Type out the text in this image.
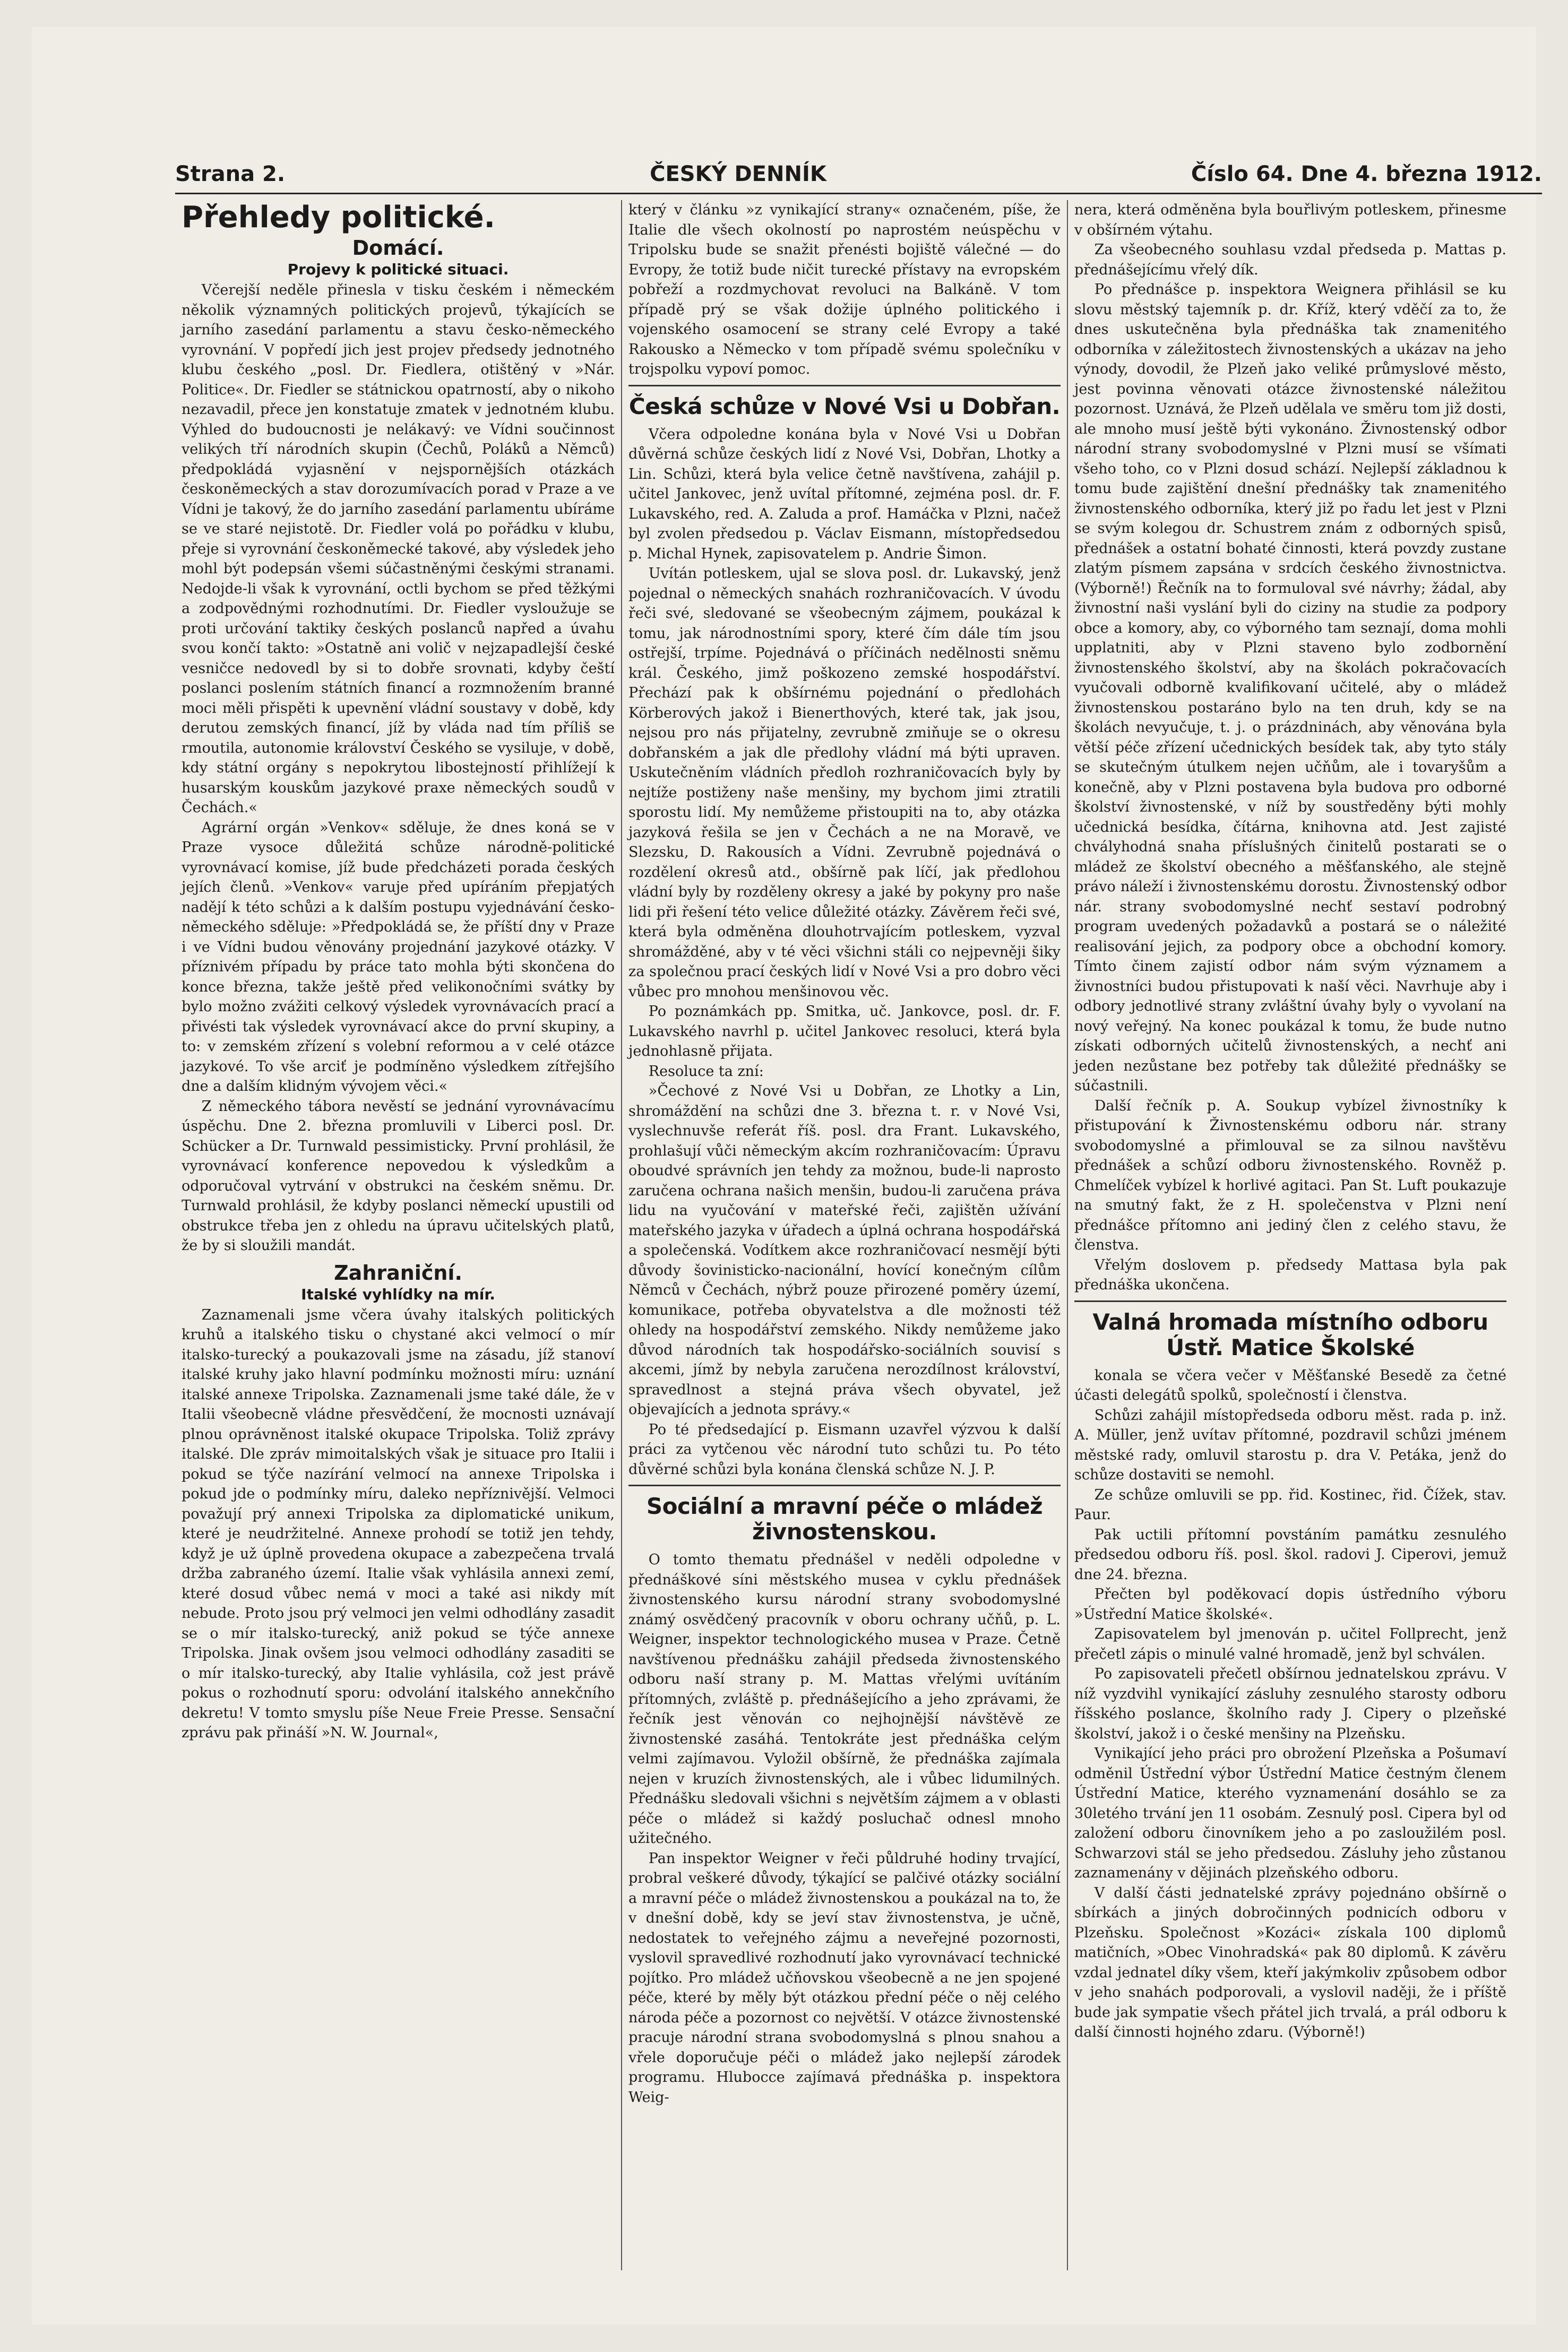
Strana 2.	ČESKÝ DENNÍK	Číslo 64. Dne 4. března 1912.
Přehledy politické.
Domácí.
Projevy k politické situaci.

Včerejší neděle přinesla v tisku českém i německém několik významných politických projevů, týkajících se jarního zasedání parlamentu a stavu česko-německého vyrovnání. V popředí jich jest projev předsedy jednotného klubu českého „posl. Dr. Fiedlera, otištěný v »Nár. Politice«. Dr. Fiedler se státnickou opatrností, aby o nikoho nezavadil, přece jen konstatuje zmatek v jednotném klubu. Výhled do budoucnosti je nelákavý: ve Vídni součinnost velikých tří národních skupin (Čechů, Poláků a Němců) předpokládá vyjasnění v nejspornějších otázkách českoněmeckých a stav dorozumívacích porad v Praze a ve Vídni je takový, že do jarního zasedání parlamentu ubíráme se ve staré nejistotě. Dr. Fiedler volá po pořádku v klubu, přeje si vyrovnání českoněmecké takové, aby výsledek jeho mohl být podepsán všemi súčastněnými českými stranami. Nedojde-li však k vyrovnání, octli bychom se před těžkými a zodpovědnými rozhodnutími. Dr. Fiedler vysloužuje se proti určování taktiky českých poslanců napřed a úvahu svou končí takto: »Ostatně ani volič v nejzapadlejší české vesničce nedovedl by si to dobře srovnati, kdyby čeští poslanci poslením státních financí a rozmnožením branné moci měli přispěti k upevnění vládní soustavy v době, kdy derutou zemských financí, jíž by vláda nad tím příliš se rmoutila, autonomie království Českého se vysiluje, v době, kdy státní orgány s nepokrytou libostejností přihlížejí k husarským kouskům jazykové praxe německých soudů v Čechách.«

Agrární orgán »Venkov« sděluje, že dnes koná se v Praze vysoce důležitá schůze národně-politické vyrovnávací komise, jíž bude předcházeti porada českých jejích členů. »Venkov« varuje před upíráním přepjatých nadějí k této schůzi a k dalším postupu vyjednávání česko-německého sděluje: »Předpokládá se, že příští dny v Praze i ve Vídni budou věnovány projednání jazykové otázky. V příznivém případu by práce tato mohla býti skončena do konce března, takže ještě před velikonočními svátky by bylo možno zvážiti celkový výsledek vyrovnávacích prací a přivésti tak výsledek vyrovnávací akce do první skupiny, a to: v zemském zřízení s volební reformou a v celé otázce jazykové. To vše arciť je podmíněno výsledkem zítřejšího dne a dalším klidným vývojem věci.«

Z německého tábora nevěstí se jednání vyrovnávacímu úspěchu. Dne 2. března promluvili v Liberci posl. Dr. Schücker a Dr. Turnwald pessimisticky. První prohlásil, že vyrovnávací konference nepovedou k výsledkům a odporučoval vytrvání v obstrukci na českém sněmu. Dr. Turnwald prohlásil, že kdyby poslanci německí upustili od obstrukce třeba jen z ohledu na úpravu učitelských platů, že by si sloužili mandát.

Zahraniční.
Italské vyhlídky na mír.

Zaznamenali jsme včera úvahy italských politických kruhů a italského tisku o chystané akci velmocí o mír italsko-turecký a poukazovali jsme na zásadu, jíž stanoví italské kruhy jako hlavní podmínku možnosti míru: uznání italské annexe Tripolska. Zaznamenali jsme také dále, že v Italii všeobecně vládne přesvědčení, že mocnosti uznávají plnou oprávněnost italské okupace Tripolska. Toliž zprávy italské. Dle zpráv mimoitalských však je situace pro Italii i pokud se týče nazírání velmocí na annexe Tripolska i pokud jde o podmínky míru, daleko nepříznivější. Velmoci považují prý annexi Tripolska za diplomatické unikum, které je neudržitelné. Annexe prohodí se totiž jen tehdy, když je už úplně provedena okupace a zabezpečena trvalá držba zabraného území. Italie však vyhlásila annexi zemí, které dosud vůbec nemá v moci a také asi nikdy mít nebude. Proto jsou prý velmoci jen velmi odhodlány zasadit se o mír italsko-turecký, aniž pokud se týče annexe Tripolska. Jinak ovšem jsou velmoci odhodlány zasaditi se o mír italsko-turecký, aby Italie vyhlásila, což jest právě pokus o rozhodnutí sporu: odvolání italského annekčního dekretu! V tomto smyslu píše Neue Freie Presse. Sensační zprávu pak přináší »N. W. Journal«,

který v článku »z vynikající strany« označeném, píše, že Italie dle všech okolností po naprostém neúspěchu v Tripolsku bude se snažit přenésti bojiště válečné — do Evropy, že totiž bude ničit turecké přístavy na evropském pobřeží a rozdmychovat revoluci na Balkáně. V tom případě prý se však dožije úplného politického i vojenského osamocení se strany celé Evropy a také Rakousko a Německo v tom případě svému společníku v trojspolku vypoví pomoc.

Česká schůze v Nové Vsi u Dobřan.

Včera odpoledne konána byla v Nové Vsi u Dobřan důvěrná schůze českých lidí z Nové Vsi, Dobřan, Lhotky a Lin. Schůzi, která byla velice četně navštívena, zahájil p. učitel Jankovec, jenž uvítal přítomné, zejména posl. dr. F. Lukavského, red. A. Zaluda a prof. Hamáčka v Plzni, načež byl zvolen předsedou p. Václav Eismann, místopředsedou p. Michal Hynek, zapisovatelem p. Andrie Šimon.

Uvítán potleskem, ujal se slova posl. dr. Lukavský, jenž pojednal o německých snahách rozhraničovacích. V úvodu řeči své, sledované se všeobecným zájmem, poukázal k tomu, jak národnostními spory, které čím dále tím jsou ostřejší, trpíme. Pojednává o příčinách nedělnosti sněmu král. Českého, jimž poškozeno zemské hospodářství. Přechází pak k obšírnému pojednání o předlohách Körberových jakož i Bienerthových, které tak, jak jsou, nejsou pro nás přijatelny, zevrubně zmiňuje se o okresu dobřanském a jak dle předlohy vládní má býti upraven. Uskutečněním vládních předloh rozhraničovacích byly by nejtíže postiženy naše menšiny, my bychom jimi ztratili sporostu lidí. My nemůžeme přistoupiti na to, aby otázka jazyková řešila se jen v Čechách a ne na Moravě, ve Slezsku, D. Rakousích a Vídni. Zevrubně pojednává o rozdělení okresů atd., obšírně pak líčí, jak předlohou vládní byly by rozděleny okresy a jaké by pokyny pro naše lidi při řešení této velice důležité otázky. Závěrem řeči své, která byla odměněna dlouhotrvajícím potleskem, vyzval shromážděné, aby v té věci všichni stáli co nejpevněji šiky za společnou prací českých lidí v Nové Vsi a pro dobro věci vůbec pro mnohou menšinovou věc.

Po poznámkách pp. Smitka, uč. Jankovce, posl. dr. F. Lukavského navrhl p. učitel Jankovec resoluci, která byla jednohlasně přijata.

Resoluce ta zní:

»Čechové z Nové Vsi u Dobřan, ze Lhotky a Lin, shromáždění na schůzi dne 3. března t. r. v Nové Vsi, vyslechnuvše referát říš. posl. dra Frant. Lukavského, prohlašují vůči německým akcím rozhraničovacím: Úpravu oboudvé správních jen tehdy za možnou, bude-li naprosto zaručena ochrana našich menšin, budou-li zaručena práva lidu na vyučování v mateřské řeči, zajištěn užívání mateřského jazyka v úřadech a úplná ochrana hospodářská a společenská. Vodítkem akce rozhraničovací nesmějí býti důvody šovinisticko-nacionální, hovící konečným cílům Němců v Čechách, nýbrž pouze přirozené poměry území, komunikace, potřeba obyvatelstva a dle možnosti též ohledy na hospodářství zemského. Nikdy nemůžeme jako důvod národních tak hospodářsko-sociálních souvisí s akcemi, jímž by nebyla zaručena nerozdílnost království, spravedlnost a stejná práva všech obyvatel, jež objevajících a jednota správy.«

Po té předsedající p. Eismann uzavřel výzvou k další práci za vytčenou věc národní tuto schůzi tu. Po této důvěrné schůzi byla konána členská schůze N. J. P.

Sociální a mravní péče o mládež živnostenskou.

O tomto thematu přednášel v neděli odpoledne v přednáškové síni městského musea v cyklu přednášek živnostenského kursu národní strany svobodomyslné známý osvědčený pracovník v oboru ochrany učňů, p. L. Weigner, inspektor technologického musea v Praze. Četně navštívenou přednášku zahájil předseda živnostenského odboru naší strany p. M. Mattas vřelými uvítáním přítomných, zvláště p. přednášejícího a jeho zprávami, že řečník jest věnován co nejhojnější návštěvě ze živnostenské zasáhá. Tentokráte jest přednáška celým velmi zajímavou. Vyložil obšírně, že přednáška zajímala nejen v kruzích živnostenských, ale i vůbec lidumilných. Přednášku sledovali všichni s největším zájmem a v oblasti péče o mládež si každý posluchač odnesl mnoho užitečného.

Pan inspektor Weigner v řeči půldruhé hodiny trvající, probral veškeré důvody, týkající se palčivé otázky sociální a mravní péče o mládež živnostenskou a poukázal na to, že v dnešní době, kdy se jeví stav živnostenstva, je učně, nedostatek to veřejného zájmu a neveřejné pozornosti, vyslovil spravedlivé rozhodnutí jako vyrovnávací technické pojítko. Pro mládež učňovskou všeobecně a ne jen spojené péče, které by měly být otázkou přední péče o něj celého národa péče a pozornost co největší. V otázce živnostenské pracuje národní strana svobodomyslná s plnou snahou a vřele doporučuje péči o mládež jako nejlepší zárodek programu. Hlubocce zajímavá přednáška p. inspektora Weig-

nera, která odměněna byla bouřlivým potleskem, přinesme v obšírném výtahu.

Za všeobecného souhlasu vzdal předseda p. Mattas p. přednášejícímu vřelý dík.

Po přednášce p. inspektora Weignera přihlásil se ku slovu městský tajemník p. dr. Kříž, který vděčí za to, že dnes uskutečněna byla přednáška tak znamenitého odborníka v záležitostech živnostenských a ukázav na jeho výnody, dovodil, že Plzeň jako veliké průmyslové město, jest povinna věnovati otázce živnostenské náležitou pozornost. Uznává, že Plzeň udělala ve směru tom již dosti, ale mnoho musí ještě býti vykonáno. Živnostenský odbor národní strany svobodomyslné v Plzni musí se všímati všeho toho, co v Plzni dosud schází. Nejlepší základnou k tomu bude zajištění dnešní přednášky tak znamenitého živnostenského odborníka, který již po řadu let jest v Plzni se svým kolegou dr. Schustrem znám z odborných spisů, přednášek a ostatní bohaté činnosti, která povzdy zustane zlatým písmem zapsána v srdcích českého živnostnictva. (Výborně!) Řečník na to formuloval své návrhy; žádal, aby živnostní naši vyslání byli do ciziny na studie za podpory obce a komory, aby, co výborného tam seznají, doma mohli upplatniti, aby v Plzni staveno bylo zodbornění živnostenského školství, aby na školách pokračovacích vyučovali odborně kvalifikovaní učitelé, aby o mládež živnostenskou postaráno bylo na ten druh, kdy se na školách nevyučuje, t. j. o prázdninách, aby věnována byla větší péče zřízení učednických besídek tak, aby tyto stály se skutečným útulkem nejen učňům, ale i tovaryšům a konečně, aby v Plzni postavena byla budova pro odborné školství živnostenské, v níž by soustředěny býti mohly učednická besídka, čítárna, knihovna atd. Jest zajisté chvályhodná snaha příslušných činitelů postarati se o mládež ze školství obecného a měšťanského, ale stejně právo náleží i živnostenskému dorostu. Živnostenský odbor nár. strany svobodomyslné nechť sestaví podrobný program uvedených požadavků a postará se o náležité realisování jejich, za podpory obce a obchodní komory. Tímto činem zajistí odbor nám svým významem a živnostníci budou přistupovati k naší věci. Navrhuje aby i odbory jednotlivé strany zvláštní úvahy byly o vyvolaní na nový veřejný. Na konec poukázal k tomu, že bude nutno získati odborných učitelů živnostenských, a nechť ani jeden nezůstane bez potřeby tak důležité přednášky se súčastnili.

Další řečník p. A. Soukup vybízel živnostníky k přistupování k Živnostenskému odboru nár. strany svobodomyslné a přimlouval se za silnou navštěvu přednášek a schůzí odboru živnostenského. Rovněž p. Chmelíček vybízel k horlivé agitaci. Pan St. Luft poukazuje na smutný fakt, že z H. společenstva v Plzni není přednášce přítomno ani jediný člen z celého stavu, že členstva.

Vřelým doslovem p. předsedy Mattasa byla pak přednáška ukončena.

Valná hromada místního odboru Ústř. Matice Školské

konala se včera večer v Měšťanské Besedě za četné účasti delegátů spolků, společností i členstva.

Schůzi zahájil místopředseda odboru měst. rada p. inž. A. Müller, jenž uvítav přítomné, pozdravil schůzi jménem městské rady, omluvil starostu p. dra V. Petáka, jenž do schůze dostaviti se nemohl.

Ze schůze omluvili se pp. řid. Kostinec, řid. Čížek, stav. Paur.

Pak uctili přítomní povstáním památku zesnulého předsedou odboru říš. posl. škol. radovi J. Ciperovi, jemuž dne 24. března.

Přečten byl poděkovací dopis ústředního výboru »Ústřední Matice školské«.

Zapisovatelem byl jmenován p. učitel Follprecht, jenž přečetl zápis o minulé valné hromadě, jenž byl schválen.

Po zapisovateli přečetl obšírnou jednatelskou zprávu. V níž vyzdvihl vynikající zásluhy zesnulého starosty odboru říšského poslance, školního rady J. Cipery o plzeňské školství, jakož i o české menšiny na Plzeňsku.

Vynikající jeho práci pro obrožení Plzeňska a Pošumaví odměnil Ústřední výbor Ústřední Matice čestným členem Ústřední Matice, kterého vyznamenání dosáhlo se za 30letého trvání jen 11 osobám. Zesnulý posl. Cipera byl od založení odboru činovníkem jeho a po zasloužilém posl. Schwarzovi stál se jeho předsedou. Zásluhy jeho zůstanou zaznamenány v dějinách plzeňského odboru.

V další části jednatelské zprávy pojednáno obšírně o sbírkách a jiných dobročinných podnicích odboru v Plzeňsku. Společnost »Kozáci« získala 100 diplomů matičních, »Obec Vinohradská« pak 80 diplomů. K závěru vzdal jednatel díky všem, kteří jakýmkoliv způsobem odbor v jeho snahách podporovali, a vyslovil naději, že i příště bude jak sympatie všech přátel jich trvalá, a prál odboru k další činnosti hojného zdaru. (Výborně!)
